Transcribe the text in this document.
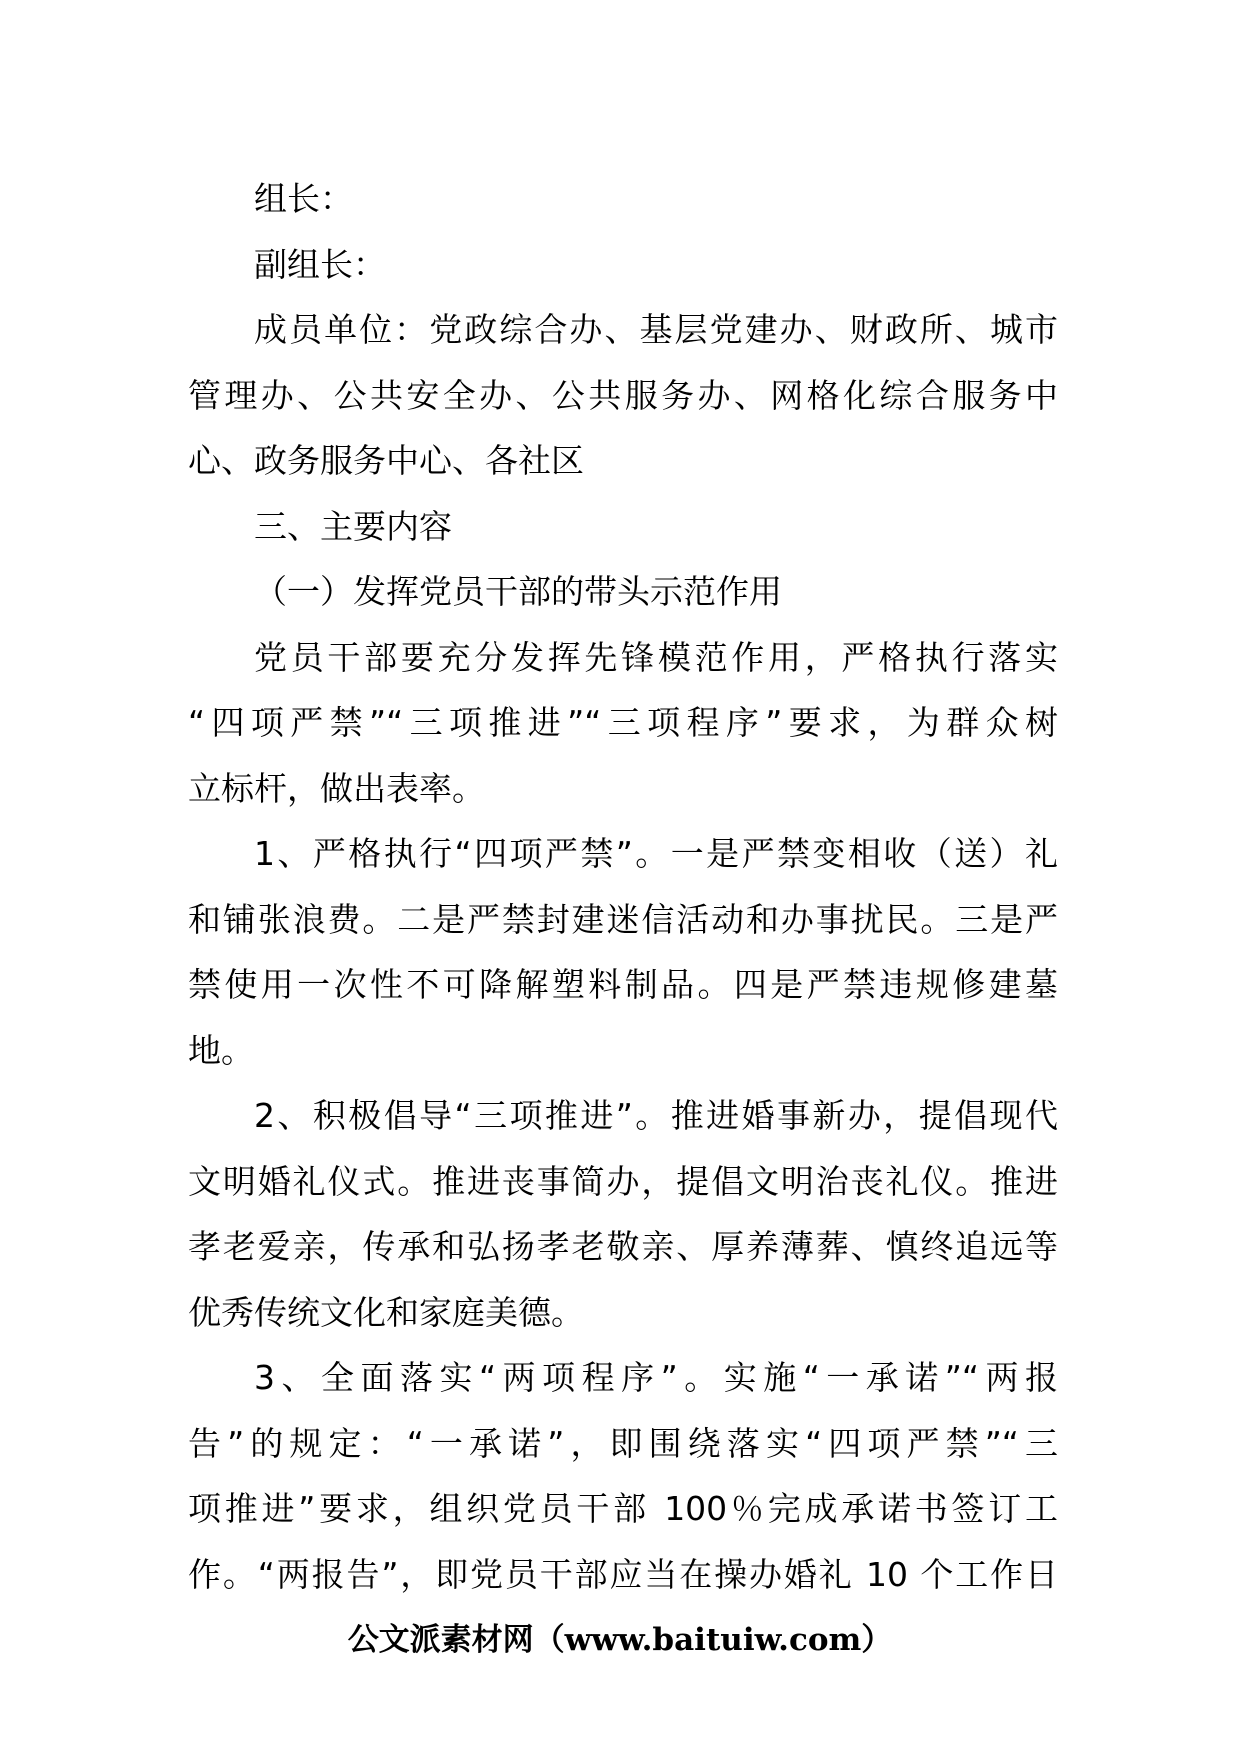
组长：

副组长：

成员单位：党政综合办、基层党建办、财政所、城市
管理办、公共安全办、公共服务办、网格化综合服务中
心、政务服务中心、各社区

三、主要内容

（一）发挥党员干部的带头示范作用

党员干部要充分发挥先锋模范作用，严格执行落实
“四项严禁”“三项推进”“三项程序”要求，为群众树
立标杆，做出表率。

1、严格执行“四项严禁”。一是严禁变相收（送）礼
和铺张浪费。二是严禁封建迷信活动和办事扰民。三是严
禁使用一次性不可降解塑料制品。四是严禁违规修建墓
地。

2、积极倡导“三项推进”。推进婚事新办，提倡现代
文明婚礼仪式。推进丧事简办，提倡文明治丧礼仪。推进
孝老爱亲，传承和弘扬孝老敬亲、厚养薄葬、慎终追远等
优秀传统文化和家庭美德。

3、全面落实“两项程序”。实施“一承诺”“两报
告”的规定：“一承诺”，即围绕落实“四项严禁”“三
项推进”要求，组织党员干部 100％完成承诺书签订工
作。“两报告”，即党员干部应当在操办婚礼 10 个工作日

公文派素材网（www.baituiw.com）
